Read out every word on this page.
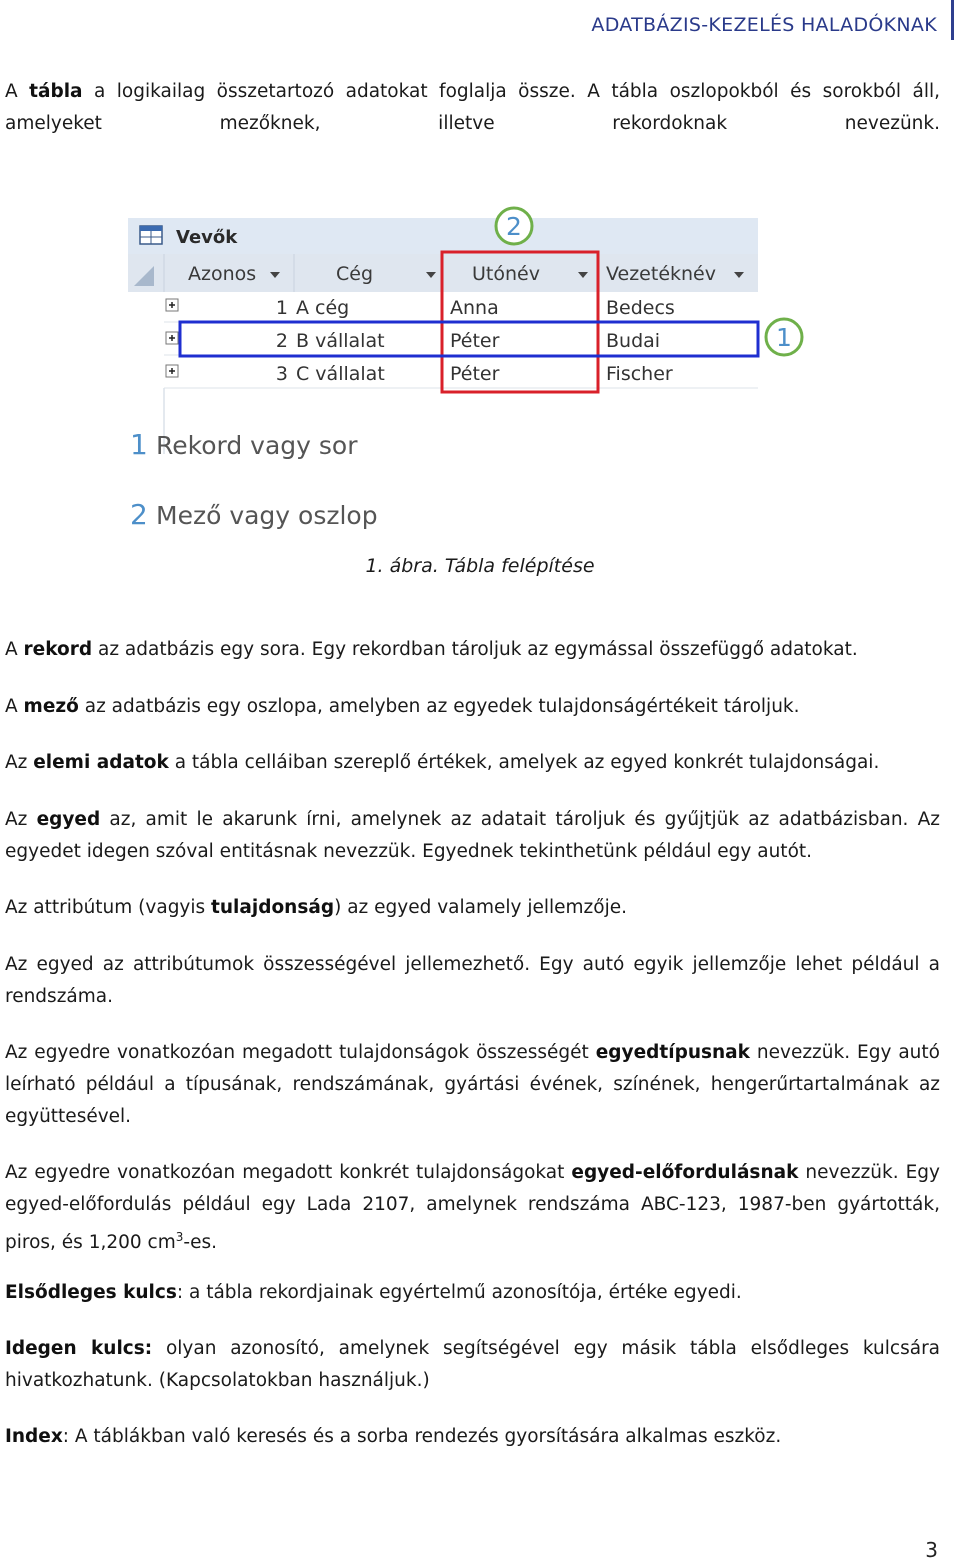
ADATBÁZIS-KEZELÉS HALADÓKNAK

A tábla a logikailag összetartozó adatokat foglalja össze. A tábla oszlopokból és sorokból áll, amelyeket mezőknek, illetve rekordoknak nevezünk.

Vevők
Azonos	Cég	Utónév	Vezetéknév
1 A cég	Anna	Bedecs
2 B vállalat	Péter	Budai
3 C vállalat	Péter	Fischer
2
1
1 Rekord vagy sor
2 Mező vagy oszlop
1. ábra. Tábla felépítése

A rekord az adatbázis egy sora. Egy rekordban tároljuk az egymással összefüggő adatokat.

A mező az adatbázis egy oszlopa, amelyben az egyedek tulajdonságértékeit tároljuk.

Az elemi adatok a tábla celláiban szereplő értékek, amelyek az egyed konkrét tulajdonságai.

Az egyed az, amit le akarunk írni, amelynek az adatait tároljuk és gyűjtjük az adatbázisban. Az egyedet idegen szóval entitásnak nevezzük. Egyednek tekinthetünk például egy autót.

Az attribútum (vagyis tulajdonság) az egyed valamely jellemzője.

Az egyed az attribútumok összességével jellemezhető. Egy autó egyik jellemzője lehet például a rendszáma.

Az egyedre vonatkozóan megadott tulajdonságok összességét egyedtípusnak nevezzük. Egy autó leírható például a típusának, rendszámának, gyártási évének, színének, hengerűrtartalmának az együttesével.

Az egyedre vonatkozóan megadott konkrét tulajdonságokat egyed-előfordulásnak nevezzük. Egy egyed-előfordulás például egy Lada 2107, amelynek rendszáma ABC-123, 1987-ben gyártották, piros, és 1,200 $cm^3-es$.

Elsődleges kulcs: a tábla rekordjainak egyértelmű azonosítója, értéke egyedi.

Idegen kulcs: olyan azonosító, amelynek segítségével egy másik tábla elsődleges kulcsára hivatkozhatunk. (Kapcsolatokban használjuk.)

Index: A táblákban való keresés és a sorba rendezés gyorsítására alkalmas eszköz.

3
